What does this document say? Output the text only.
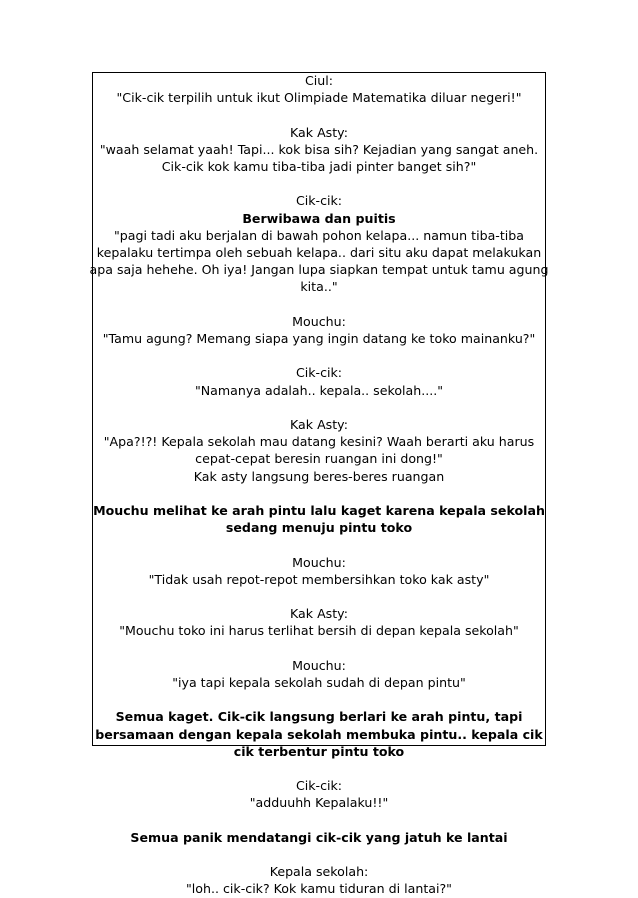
Ciul:

"Cik-cik terpilih untuk ikut Olimpiade Matematika diluar negeri!"

Kak Asty:

"waah selamat yaah! Tapi... kok bisa sih? Kejadian yang sangat aneh. Cik-cik kok kamu tiba-tiba jadi pinter banget sih?"

Cik-cik:

Berwibawa dan puitis

"pagi tadi aku berjalan di bawah pohon kelapa... namun tiba-tiba kepalaku tertimpa oleh sebuah kelapa.. dari situ aku dapat melakukan apa saja hehehe. Oh iya! Jangan lupa siapkan tempat untuk tamu agung kita.."

Mouchu:

"Tamu agung? Memang siapa yang ingin datang ke toko mainanku?"

Cik-cik:

"Namanya adalah.. kepala.. sekolah...."

Kak Asty:

"Apa?!?! Kepala sekolah mau datang kesini? Waah berarti aku harus cepat-cepat beresin ruangan ini dong!"

Kak asty langsung beres-beres ruangan

Mouchu melihat ke arah pintu lalu kaget karena kepala sekolah sedang menuju pintu toko

Mouchu:

"Tidak usah repot-repot membersihkan toko kak asty"

Kak Asty:

"Mouchu toko ini harus terlihat bersih di depan kepala sekolah"

Mouchu:

"iya tapi kepala sekolah sudah di depan pintu"

Semua kaget. Cik-cik langsung berlari ke arah pintu, tapi bersamaan dengan kepala sekolah membuka pintu.. kepala cik cik terbentur pintu toko

Cik-cik:

"adduuhh Kepalaku!!"

Semua panik mendatangi cik-cik yang jatuh ke lantai

Kepala sekolah:

"loh.. cik-cik? Kok kamu tiduran di lantai?"
